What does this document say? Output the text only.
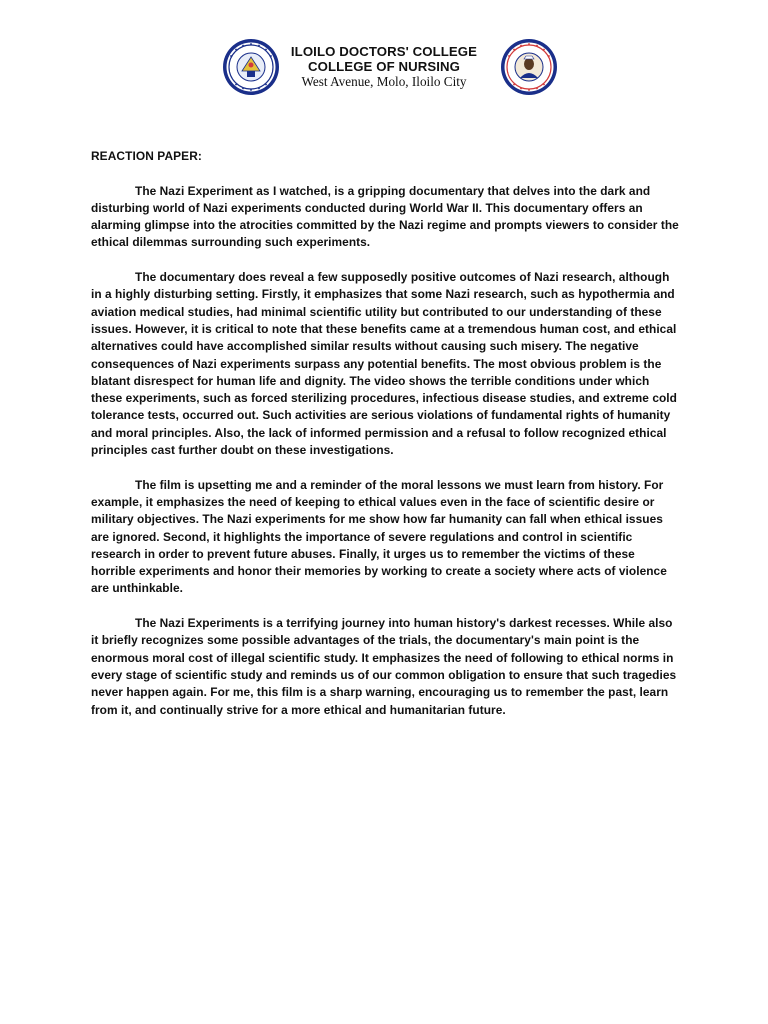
ILOILO DOCTORS' COLLEGE
COLLEGE OF NURSING
West Avenue, Molo, Iloilo City
REACTION PAPER:

The Nazi Experiment as I watched, is a gripping documentary that delves into the dark and disturbing world of Nazi experiments conducted during World War II. This documentary offers an alarming glimpse into the atrocities committed by the Nazi regime and prompts viewers to consider the ethical dilemmas surrounding such experiments.

The documentary does reveal a few supposedly positive outcomes of Nazi research, although in a highly disturbing setting. Firstly, it emphasizes that some Nazi research, such as hypothermia and aviation medical studies, had minimal scientific utility but contributed to our understanding of these issues. However, it is critical to note that these benefits came at a tremendous human cost, and ethical alternatives could have accomplished similar results without causing such misery. The negative consequences of Nazi experiments surpass any potential benefits. The most obvious problem is the blatant disrespect for human life and dignity. The video shows the terrible conditions under which these experiments, such as forced sterilizing procedures, infectious disease studies, and extreme cold tolerance tests, occurred out. Such activities are serious violations of fundamental rights of humanity and moral principles. Also, the lack of informed permission and a refusal to follow recognized ethical principles cast further doubt on these investigations.

The film is upsetting me and a reminder of the moral lessons we must learn from history. For example, it emphasizes the need of keeping to ethical values even in the face of scientific desire or military objectives. The Nazi experiments for me show how far humanity can fall when ethical issues are ignored. Second, it highlights the importance of severe regulations and control in scientific research in order to prevent future abuses. Finally, it urges us to remember the victims of these horrible experiments and honor their memories by working to create a society where acts of violence are unthinkable.

The Nazi Experiments is a terrifying journey into human history's darkest recesses. While also it briefly recognizes some possible advantages of the trials, the documentary's main point is the enormous moral cost of illegal scientific study. It emphasizes the need of following to ethical norms in every stage of scientific study and reminds us of our common obligation to ensure that such tragedies never happen again. For me, this film is a sharp warning, encouraging us to remember the past, learn from it, and continually strive for a more ethical and humanitarian future.
